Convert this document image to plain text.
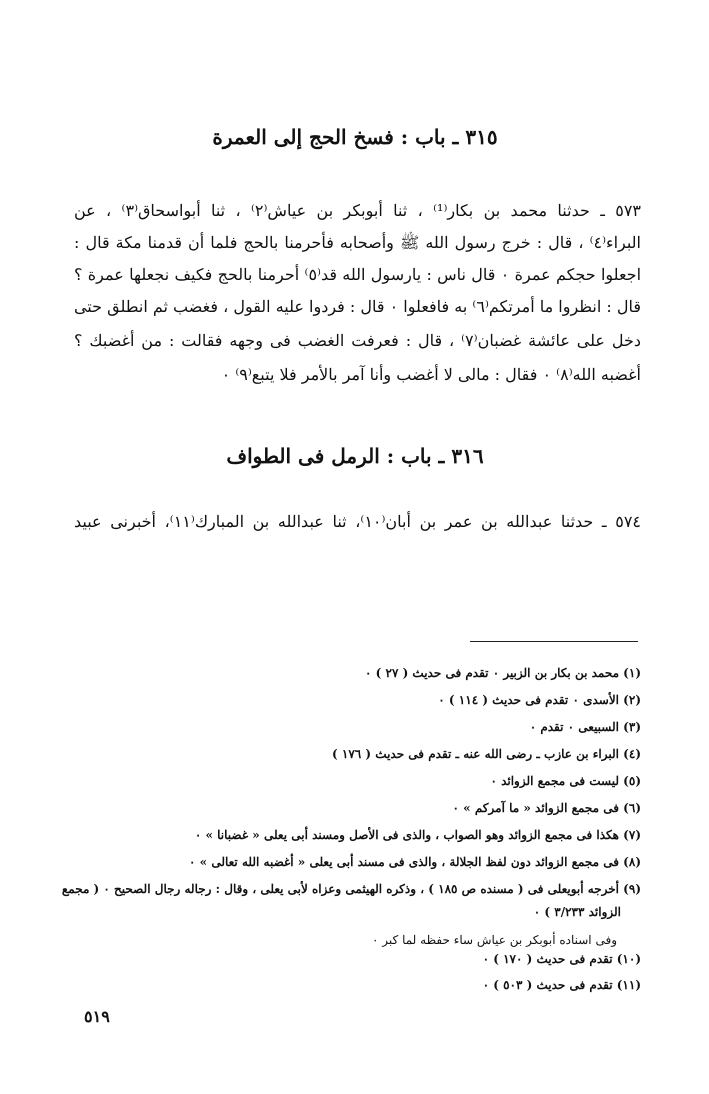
٣١٥ ـ باب : فسخ الحج إلى العمرة
٥٧٣ ـ حدثنا محمد بن بكار⁽¹⁾ ، ثنا أبوبكر بن عياش⁽٢⁾ ، ثنا أبواسحاق⁽٣⁾ ، عن
البراء⁽٤⁾ ، قال : خرج رسول الله ﷺ وأصحابه فأحرمنا بالحج فلما أن قدمنا مكة قال :
اجعلوا حجكم عمرة ٠ قال ناس : يارسول الله قد⁽٥⁾ أحرمنا بالحج فكيف نجعلها عمرة ؟
قال : انظروا ما أمرتكم⁽٦⁾ به فافعلوا ٠ قال : فردوا عليه القول ، فغضب ثم انطلق حتى
دخل على عائشة غضبان⁽٧⁾ ، قال : فعرفت الغضب فى وجهه فقالت : من أغضبك ؟
أغضبه الله⁽٨⁾ ٠ فقال : مالى لا أغضب وأنا آمر بالأمر فلا يتبع⁽٩⁾ ٠
٣١٦ ـ باب : الرمل فى الطواف
٥٧٤ ـ حدثنا عبدالله بن عمر بن أبان⁽١٠⁾، ثنا عبدالله بن المبارك⁽١١⁾، أخبرنى عبيد
(١) محمد بن بكار بن الزبير ٠ تقدم فى حديث ( ٢٧ ) ٠
(٢) الأسدى ٠ تقدم فى حديث ( ١١٤ ) ٠
(٣) السبيعى ٠ تقدم ٠
(٤) البراء بن عازب ـ رضى الله عنه ـ تقدم فى حديث ( ١٧٦ )
(٥) ليست فى مجمع الزوائد ٠
(٦) فى مجمع الزوائد « ما آمركم » ٠
(٧) هكذا فى مجمع الزوائد وهو الصواب ، والذى فى الأصل ومسند أبى يعلى « غضبانا » ٠
(٨) فى مجمع الزوائد دون لفظ الجلالة ، والذى فى مسند أبى يعلى « أغضبه الله تعالى » ٠
(٩) أخرجه أبويعلى فى ( مسنده ص ١٨٥ ) ، وذكره الهيثمى وعزاه لأبى يعلى ، وقال : رجاله رجال الصحيح ٠ ( مجمع
الزوائد ٣/٢٣٣ ) ٠
وفى اسناده أبوبكر بن عياش ساء حفظه لما كبر ٠
(١٠) تقدم فى حديث ( ١٧٠ ) ٠
(١١) تقدم فى حديث ( ٥٠٣ ) ٠
٥١٩
